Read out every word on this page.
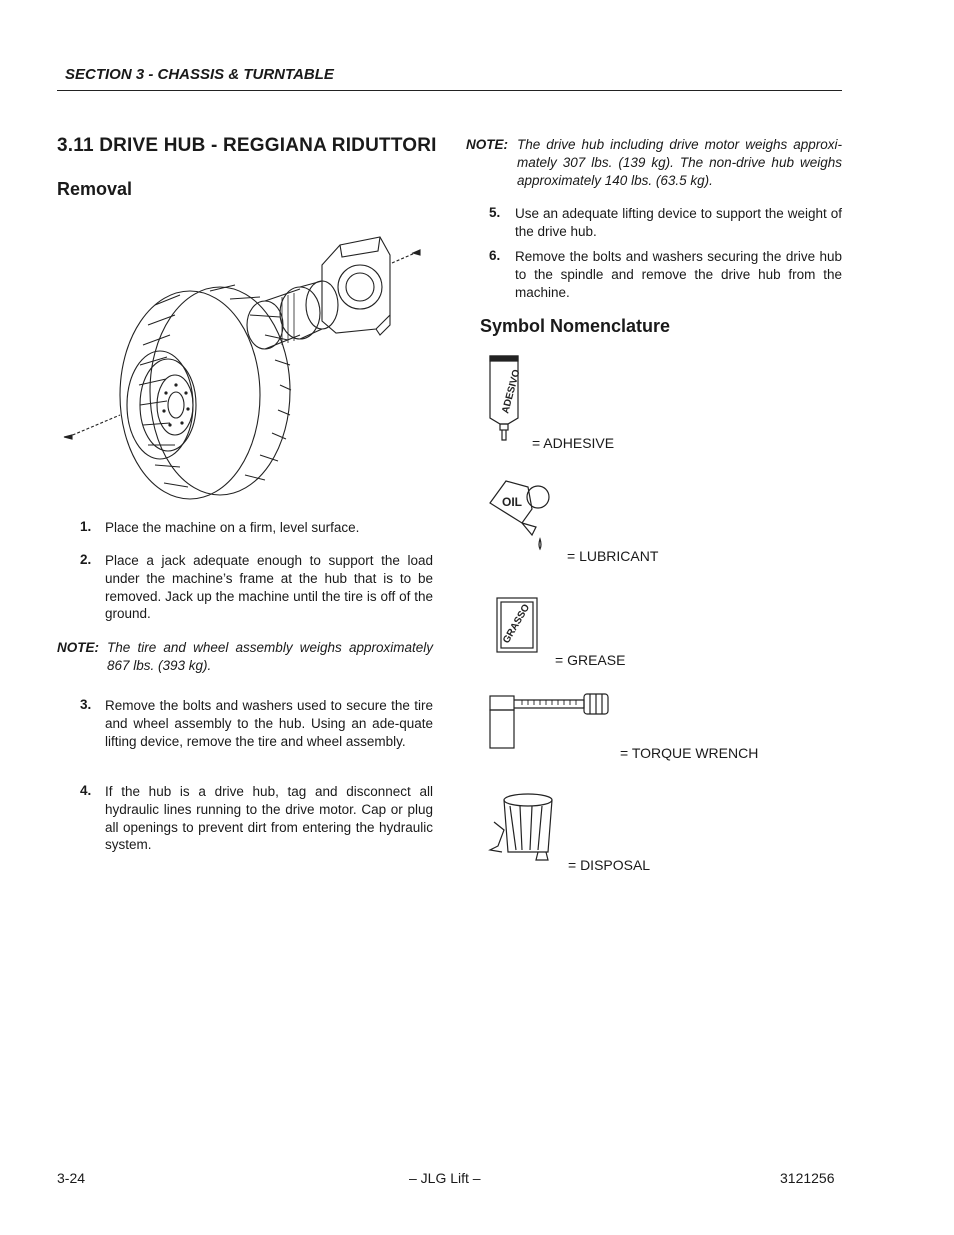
SECTION 3 - CHASSIS & TURNTABLE
3.11 DRIVE HUB - REGGIANA RIDUTTORI
Removal
1. Place the machine on a firm, level surface.
2. Place a jack adequate enough to support the load under the machine’s frame at the hub that is to be removed. Jack up the machine until the tire is off of the ground.
NOTE: The tire and wheel assembly weighs approximately 867 lbs. (393 kg).
3. Remove the bolts and washers used to secure the tire and wheel assembly to the hub. Using an ade-quate lifting device, remove the tire and wheel assembly.
4. If the hub is a drive hub, tag and disconnect all hydraulic lines running to the drive motor. Cap or plug all openings to prevent dirt from entering the hydraulic system.
NOTE: The drive hub including drive motor weighs approxi-mately 307 lbs. (139 kg). The non-drive hub weighs approximately 140 lbs. (63.5 kg).
5. Use an adequate lifting device to support the weight of the drive hub.
6. Remove the bolts and washers securing the drive hub to the spindle and remove the drive hub from the machine.
Symbol Nomenclature
ADESIVO
= ADHESIVE
OIL
= LUBRICANT
GRASSO
= GREASE
= TORQUE WRENCH
= DISPOSAL
3-24	– JLG Lift –	3121256
